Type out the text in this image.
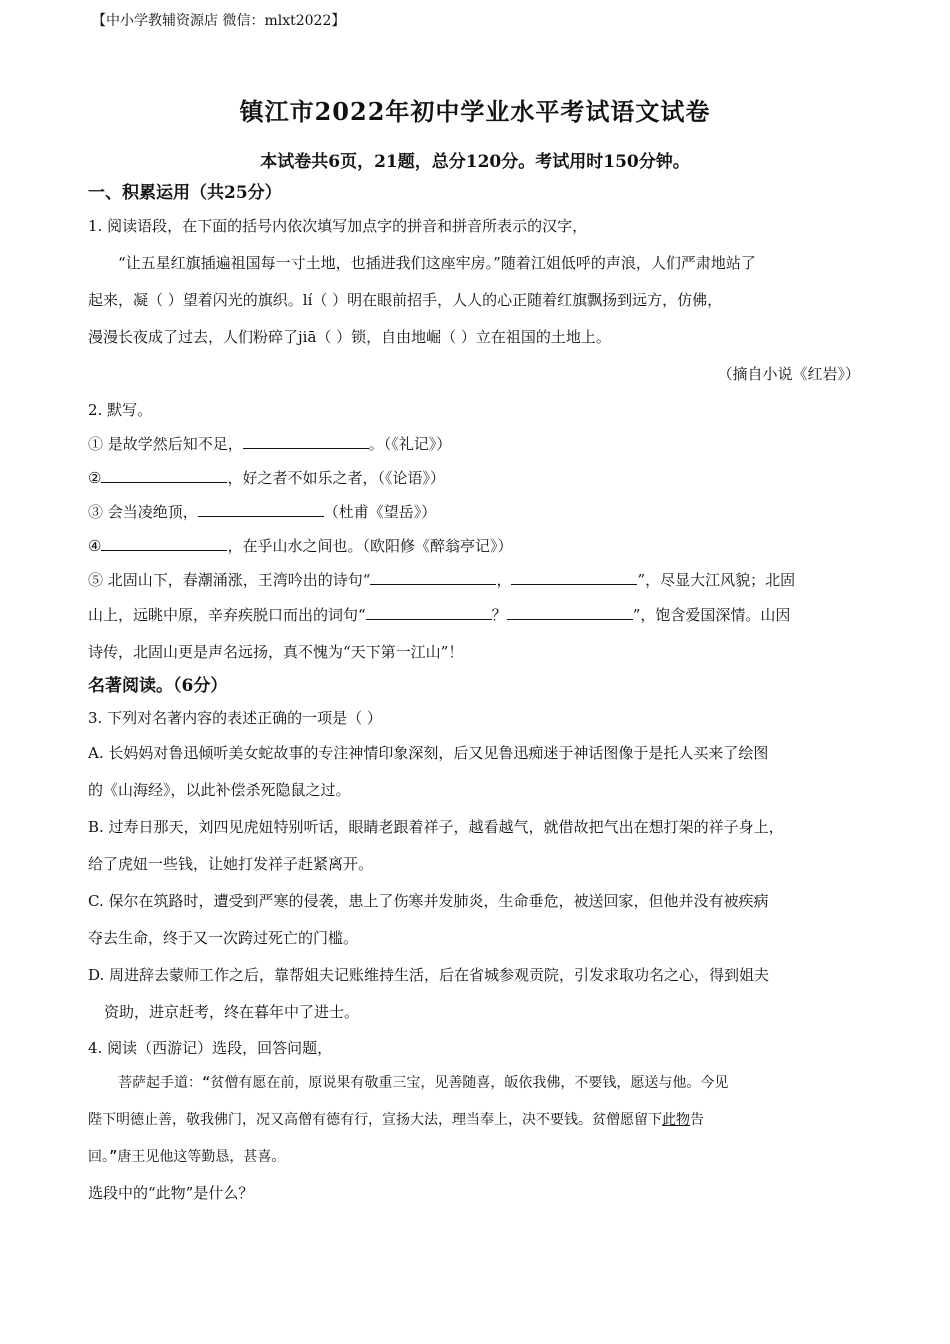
【中小学教辅资源店 微信：mlxt2022】
镇江市2022年初中学业水平考试语文试卷
本试卷共6页，21题，总分120分。考试用时150分钟。

一、积累运用（共25分）

1. 阅读语段，在下面的括号内依次填写加点字的拼音和拼音所表示的汉字，

“让五星红旗插遍祖国每一寸土地，也插进我们这座牢房。”随着江姐低呼的声浪，人们严肃地站了

起来，凝（ ）望着闪光的旗织。lí（ ）明在眼前招手，人人的心正随着红旗飘扬到远方，仿佛，

漫漫长夜成了过去，人们粉碎了jiā（ ）锁，自由地崛（ ）立在祖国的土地上。

（摘自小说《红岩》）

2. 默写。

① 是故学然后知不足，	。（《礼记》）

②	，好之者不如乐之者，（《论语》）

③ 会当凌绝顶，	（杜甫《望岳》）

④	，在乎山水之间也。（欧阳修《醉翁亭记》）

⑤ 北固山下，春潮涌涨，王湾吟出的诗句“	，	”，尽显大江风貌；北固

山上，远眺中原，辛弃疾脱口而出的词句“	？	”，饱含爱国深情。山因

诗传，北固山更是声名远扬，真不愧为“天下第一江山”！

名著阅读。（6分）

3. 下列对名著内容的表述正确的一项是（ ）

A. 长妈妈对鲁迅倾听美女蛇故事的专注神情印象深刻，后又见鲁迅痴迷于神话图像于是托人买来了绘图

的《山海经》，以此补偿杀死隐鼠之过。

B. 过寿日那天，刘四见虎妞特别听话，眼睛老跟着祥子，越看越气，就借故把气出在想打架的祥子身上，

给了虎妞一些钱，让她打发祥子赶紧离开。

C. 保尔在筑路时，遭受到严寒的侵袭，患上了伤寒并发肺炎，生命垂危，被送回家，但他并没有被疾病

夺去生命，终于又一次跨过死亡的门槛。

D. 周进辞去蒙师工作之后，靠帮姐夫记账维持生活，后在省城参观贡院，引发求取功名之心，得到姐夫

资助，进京赶考，终在暮年中了进士。

4. 阅读（西游记）选段，回答问题，

菩萨起手道：“贫僧有愿在前，原说果有敬重三宝，见善随喜，皈依我佛，不要钱，愿送与他。今见

陛下明德止善，敬我佛门，况又高僧有德有行，宣扬大法，理当奉上，决不要钱。贫僧愿留下此物告

回。”唐王见他这等勤恳，甚喜。

选段中的“此物”是什么？
